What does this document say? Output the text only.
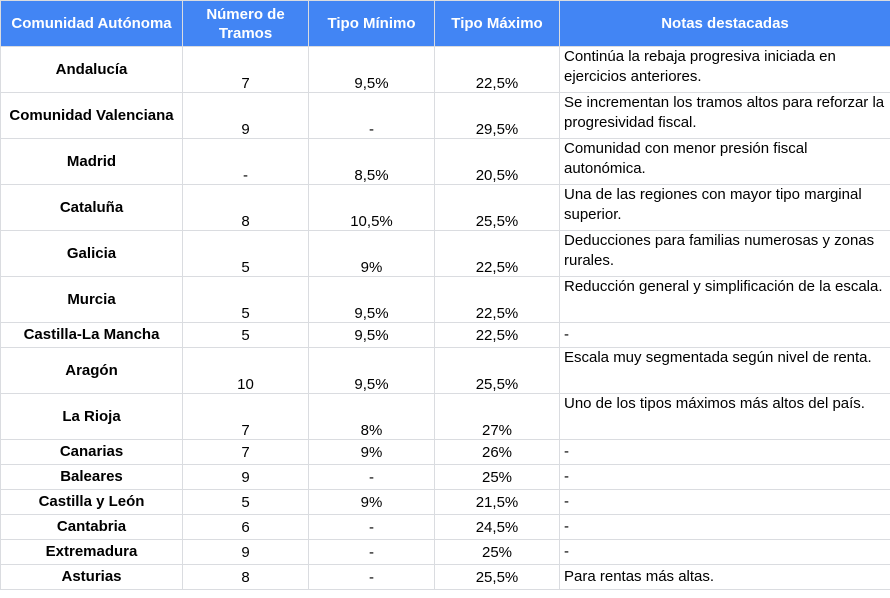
Comunidad Autónoma	Número de Tramos	Tipo Mínimo	Tipo Máximo	Notas destacadas
Andalucía	7	9,5%	22,5%	Continúa la rebaja progresiva iniciada en ejercicios anteriores.
Comunidad Valenciana	9	-	29,5%	Se incrementan los tramos altos para reforzar la progresividad fiscal.
Madrid	-	8,5%	20,5%	Comunidad con menor presión fiscal autonómica.
Cataluña	8	10,5%	25,5%	Una de las regiones con mayor tipo marginal superior.
Galicia	5	9%	22,5%	Deducciones para familias numerosas y zonas rurales.
Murcia	5	9,5%	22,5%	Reducción general y simplificación de la escala.
Castilla-La Mancha	5	9,5%	22,5%	-
Aragón	10	9,5%	25,5%	Escala muy segmentada según nivel de renta.
La Rioja	7	8%	27%	Uno de los tipos máximos más altos del país.
Canarias	7	9%	26%	-
Baleares	9	-	25%	-
Castilla y León	5	9%	21,5%	-
Cantabria	6	-	24,5%	-
Extremadura	9	-	25%	-
Asturias	8	-	25,5%	Para rentas más altas.
